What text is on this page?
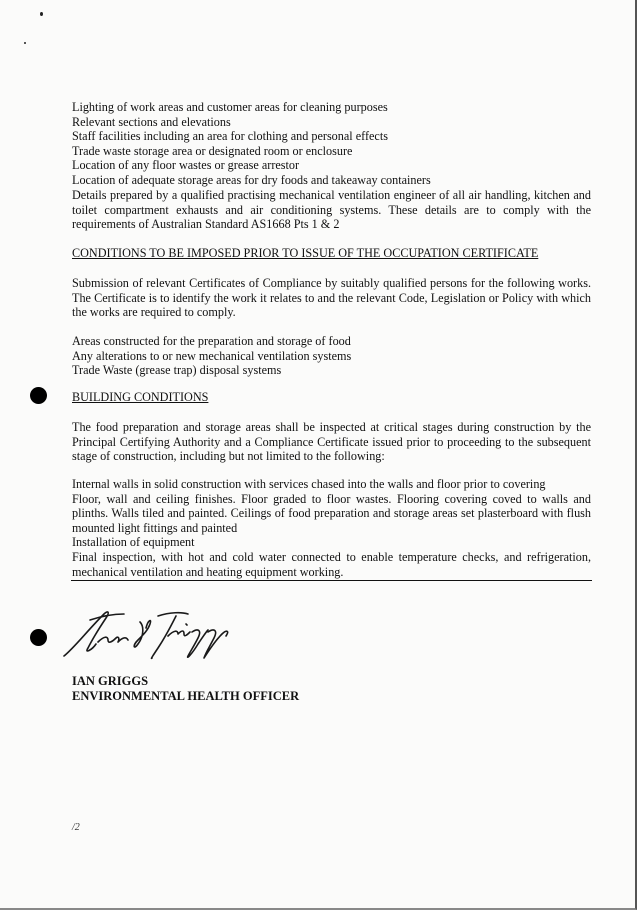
Lighting of work areas and customer areas for cleaning purposes
Relevant sections and elevations
Staff facilities including an area for clothing and personal effects
Trade waste storage area or designated room or enclosure
Location of any floor wastes or grease arrestor
Location of adequate storage areas for dry foods and takeaway containers
Details prepared by a qualified practising mechanical ventilation engineer of all air handling, kitchen and toilet compartment exhausts and air conditioning systems. These details are to comply with the requirements of Australian Standard AS1668 Pts 1 & 2
CONDITIONS TO BE IMPOSED PRIOR TO ISSUE OF THE OCCUPATION CERTIFICATE
Submission of relevant Certificates of Compliance by suitably qualified persons for the following works. The Certificate is to identify the work it relates to and the relevant Code, Legislation or Policy with which the works are required to comply.
Areas constructed for the preparation and storage of food
Any alterations to or new mechanical ventilation systems
Trade Waste (grease trap) disposal systems
BUILDING CONDITIONS
The food preparation and storage areas shall be inspected at critical stages during construction by the Principal Certifying Authority and a Compliance Certificate issued prior to proceeding to the subsequent stage of construction, including but not limited to the following:
Internal walls in solid construction with services chased into the walls and floor prior to covering
Floor, wall and ceiling finishes. Floor graded to floor wastes. Flooring covering coved to walls and plinths. Walls tiled and painted. Ceilings of food preparation and storage areas set plasterboard with flush mounted light fittings and painted
Installation of equipment
Final inspection, with hot and cold water connected to enable temperature checks, and refrigeration, mechanical ventilation and heating equipment working.
IAN GRIGGS
ENVIRONMENTAL HEALTH OFFICER
/2
